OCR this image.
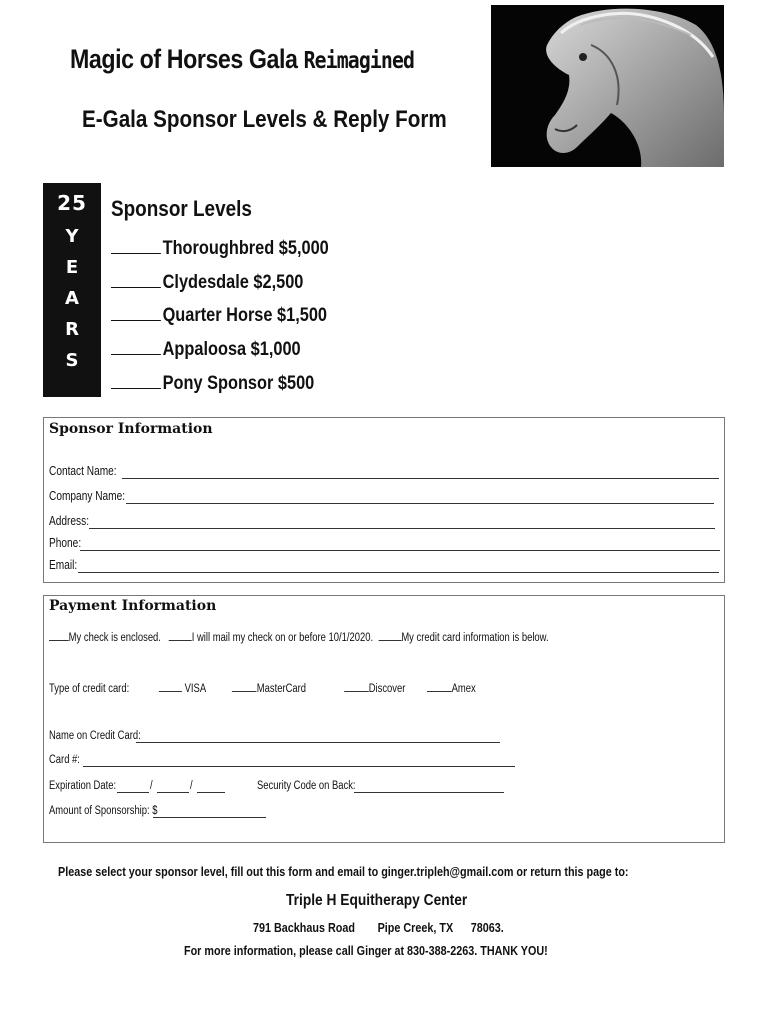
Magic of Horses Gala Reimagined
E-Gala Sponsor Levels & Reply Form
25
Y
E
A
R
S
Sponsor Levels
Thoroughbred $5,000
Clydesdale $2,500
Quarter Horse $1,500
Appaloosa $1,000
Pony Sponsor $500
Sponsor Information
Contact Name:
Company Name:
Address:
Phone:
Email:
Payment Information
My check is enclosed.	I will mail my check on or before 10/1/2020. My credit card information is below.
Type of credit card:	VISA	MasterCard	Discover	Amex
Name on Credit Card:
Card #:
Expiration Date:	/	/	Security Code on Back:
Amount of Sponsorship: $
Please select your sponsor level, fill out this form and email to ginger.tripleh@gmail.com or return this page to:
Triple H Equitherapy Center
791 Backhaus Road Pipe Creek, TX 78063.
For more information, please call Ginger at 830-388-2263. THANK YOU!
